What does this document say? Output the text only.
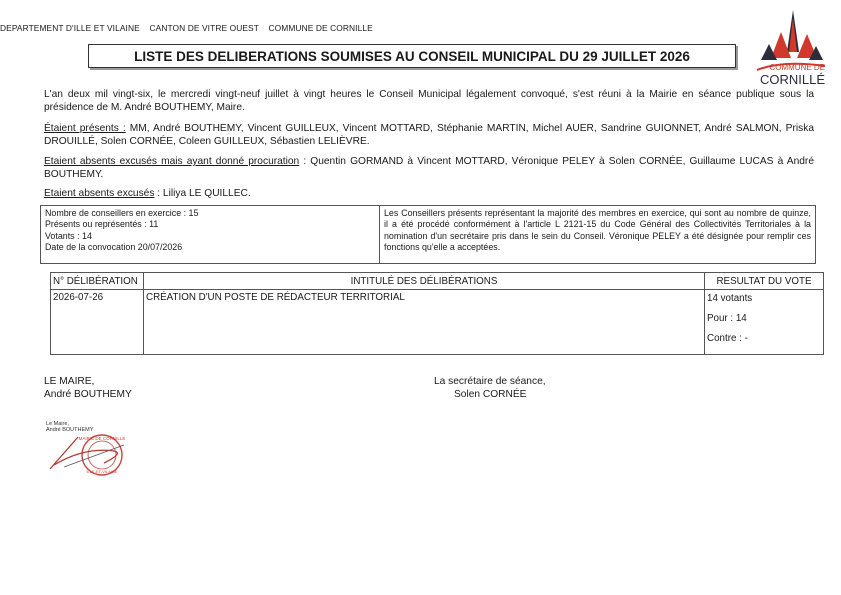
DEPARTEMENT D'ILLE ET VILAINE CANTON DE VITRE OUEST COMMUNE DE CORNILLE
COMMUNE DE
CORNILLÉ
LISTE DES DELIBERATIONS SOUMISES AU CONSEIL MUNICIPAL DU 29 JUILLET 2026
L'an deux mil vingt-six, le mercredi vingt-neuf juillet à vingt heures le Conseil Municipal légalement convoqué, s'est réuni à la Mairie en séance publique sous la présidence de M. André BOUTHEMY, Maire.
Étaient présents : MM, André BOUTHEMY, Vincent GUILLEUX, Vincent MOTTARD, Stéphanie MARTIN, Michel AUER, Sandrine GUIONNET, André SALMON, Priska DROUILLÉ, Solen CORNÉE, Coleen GUILLEUX, Sébastien LELIÈVRE.
Etaient absents excusés mais ayant donné procuration : Quentin GORMAND à Vincent MOTTARD, Véronique PELEY à Solen CORNÉE, Guillaume LUCAS à André BOUTHEMY.
Etaient absents excusés : Liliya LE QUILLEC.
Nombre de conseillers en exercice : 15
Présents ou représentés : 11
Votants : 14
Date de la convocation 20/07/2026
Les Conseillers présents représentant la majorité des membres en exercice, qui sont au nombre de quinze, il a été procédé conformément à l'article L 2121-15 du Code Général des Collectivités Territoriales à la nomination d'un secrétaire pris dans le sein du Conseil. Véronique PELEY a été désignée pour remplir ces fonctions qu'elle a acceptées.
N° DÉLIBÉRATION	INTITULÉ DES DÉLIBÉRATIONS	RESULTAT DU VOTE
2026-07-26	CRÉATION D'UN POSTE DE RÉDACTEUR TERRITORIAL	14 votants
Pour : 14
Contre : -
LE MAIRE,
André BOUTHEMY
La secrétaire de séance,
Solen CORNÉE
Le Maire,
André BOUTHEMY
MAIRIE DE CORNILLÉ
ILLE-ET-VILAINE
